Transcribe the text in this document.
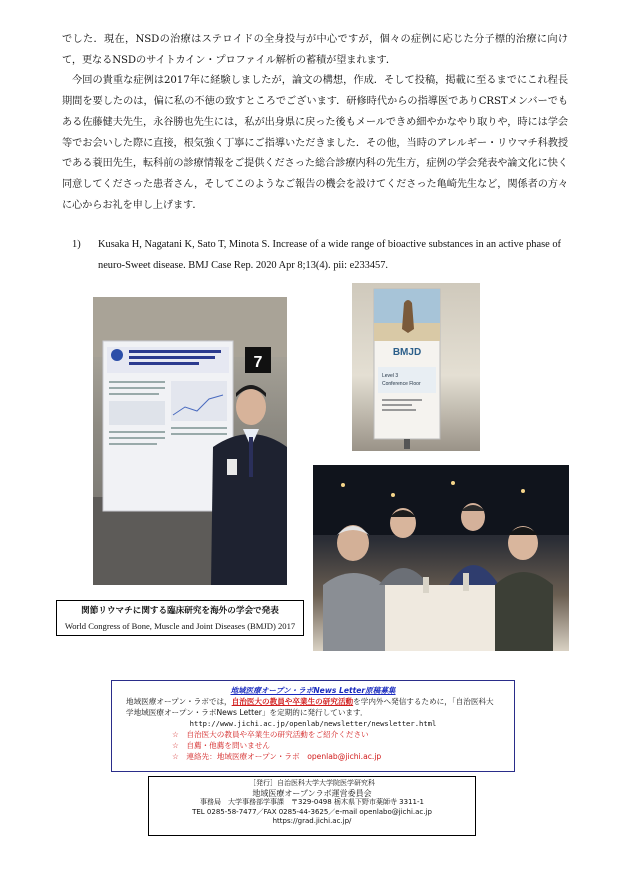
でした．現在，NSDの治療はステロイドの全身投与が中心ですが，個々の症例に応じた分子標的治療に向けて，更なるNSDのサイトカイン・プロファイル解析の蓄積が望まれます．

今回の貴重な症例は2017年に経験しましたが，論文の構想，作成．そして投稿，掲載に至るまでにこれ程長期間を要したのは，偏に私の不徳の致すところでございます．研修時代からの指導医でありCRSTメンバーでもある佐藤健夫先生，永谷勝也先生には，私が出身県に戻った後もメールできめ細やかなやり取りや，時には学会等でお会いした際に直接，根気強く丁寧にご指導いただきました．その他，当時のアレルギー・リウマチ科教授である蓑田先生，転科前の診療情報をご提供くださった総合診療内科の先生方，症例の学会発表や論文化に快く同意してくださった患者さん，そしてこのようなご報告の機会を設けてくださった亀崎先生など，関係者の方々に心からお礼を申し上げます．

1) Kusaka H, Nagatani K, Sato T, Minota S. Increase of a wide range of bioactive substances in an active phase of neuro-Sweet disease. BMJ Case Rep. 2020 Apr 8;13(4). pii: e233457.
7
BMJD
Level 3
Conference Floor
関節リウマチに関する臨床研究を海外の学会で発表
World Congress of Bone, Muscle and Joint Diseases (BMJD) 2017
地域医療オープン・ラボNews Letter原稿募集
地域医療オープン・ラボでは，自治医大の教員や卒業生の研究活動を学内外へ発信するために，「自治医科大学地域医療オープン・ラボNews Letter」を定期的に発行しています．
http://www.jichi.ac.jp/openlab/newsletter/newsletter.html
☆　自治医大の教員や卒業生の研究活動をご紹介ください
☆　自薦・他薦を問いません
☆　連絡先：地域医療オープン・ラボ　 openlab@jichi.ac.jp
［発行］自治医科大学大学院医学研究科
地域医療オープンラボ運営委員会
事務局　大学事務部学事課　〒329-0498 栃木県下野市薬師寺 3311-1
TEL 0285-58-7477／FAX 0285-44-3625／e-mail openlabo@jichi.ac.jp
https://grad.jichi.ac.jp/
